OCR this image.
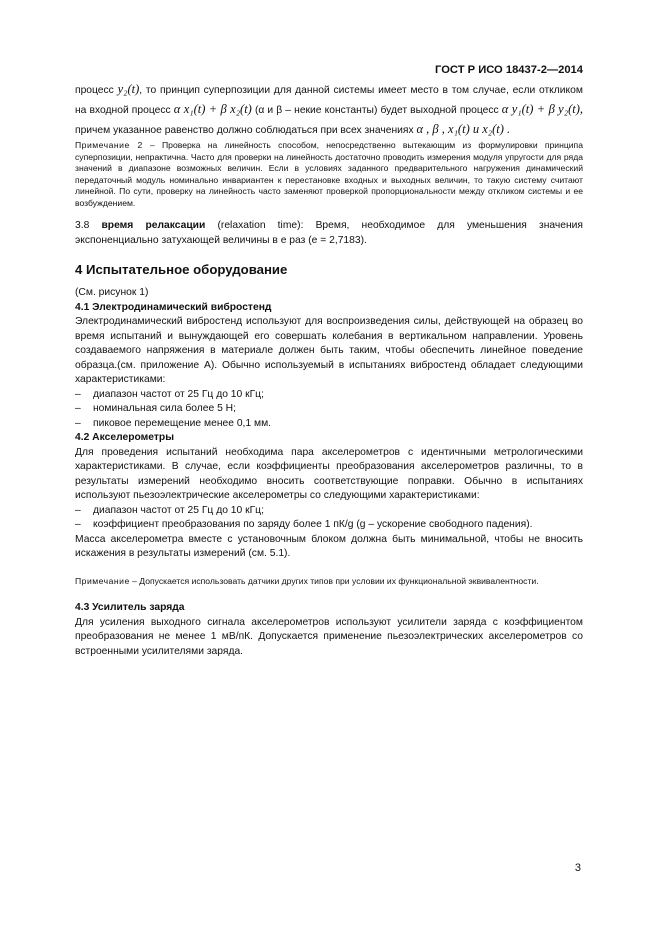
ГОСТ Р ИСО 18437-2—2014

процесс y₂(t), то принцип суперпозиции для данной системы имеет место в том случае, если откликом на входной процесс α x₁(t) + β x₂(t) (α и β – некие константы) будет выходной процесс α y₁(t) + β y₂(t), причем указанное равенство должно соблюдаться при всех значениях α , β , x₁(t) и x₂(t) .

Примечание 2 – Проверка на линейность способом, непосредственно вытекающим из формулировки принципа суперпозиции, непрактична. Часто для проверки на линейность достаточно проводить измерения модуля упругости для ряда значений в диапазоне возможных величин. Если в условиях заданного предварительного нагружения динамический передаточный модуль номинально инвариантен к перестановке входных и выходных величин, то такую систему считают линейной. По сути, проверку на линейность часто заменяют проверкой пропорциональности между откликом системы и ее возбуждением.

3.8 время релаксации (relaxation time): Время, необходимое для уменьшения значения экспоненциально затухающей величины в e раз (e = 2,7183).

4 Испытательное оборудование

(См. рисунок 1)

4.1 Электродинамический вибростенд

Электродинамический вибростенд используют для воспроизведения силы, действующей на образец во время испытаний и вынуждающей его совершать колебания в вертикальном направлении. Уровень создаваемого напряжения в материале должен быть таким, чтобы обеспечить линейное поведение образца.(см. приложение А). Обычно используемый в испытаниях вибростенд обладает следующими характеристиками:

–	диапазон частот от 25 Гц до 10 кГц;
–	номинальная сила более 5 Н;
–	пиковое перемещение менее 0,1 мм.

4.2 Акселерометры

Для проведения испытаний необходима пара акселерометров с идентичными метрологическими характеристиками. В случае, если коэффициенты преобразования акселерометров различны, то в результаты измерений необходимо вносить соответствующие поправки. Обычно в испытаниях используют пьезоэлектрические акселерометры со следующими характеристиками:

–	диапазон частот от 25 Гц до 10 кГц;
–	коэффициент преобразования по заряду более 1 пК/g (g – ускорение свободного падения).

Масса акселерометра вместе с установочным блоком должна быть минимальной, чтобы не вносить искажения в результаты измерений (см. 5.1).

Примечание – Допускается использовать датчики других типов при условии их функциональной эквивалентности.

4.3 Усилитель заряда

Для усиления выходного сигнала акселерометров используют усилители заряда с коэффициентом преобразования не менее 1 мВ/пК. Допускается применение пьезоэлектрических акселерометров со встроенными усилителями заряда.

3
